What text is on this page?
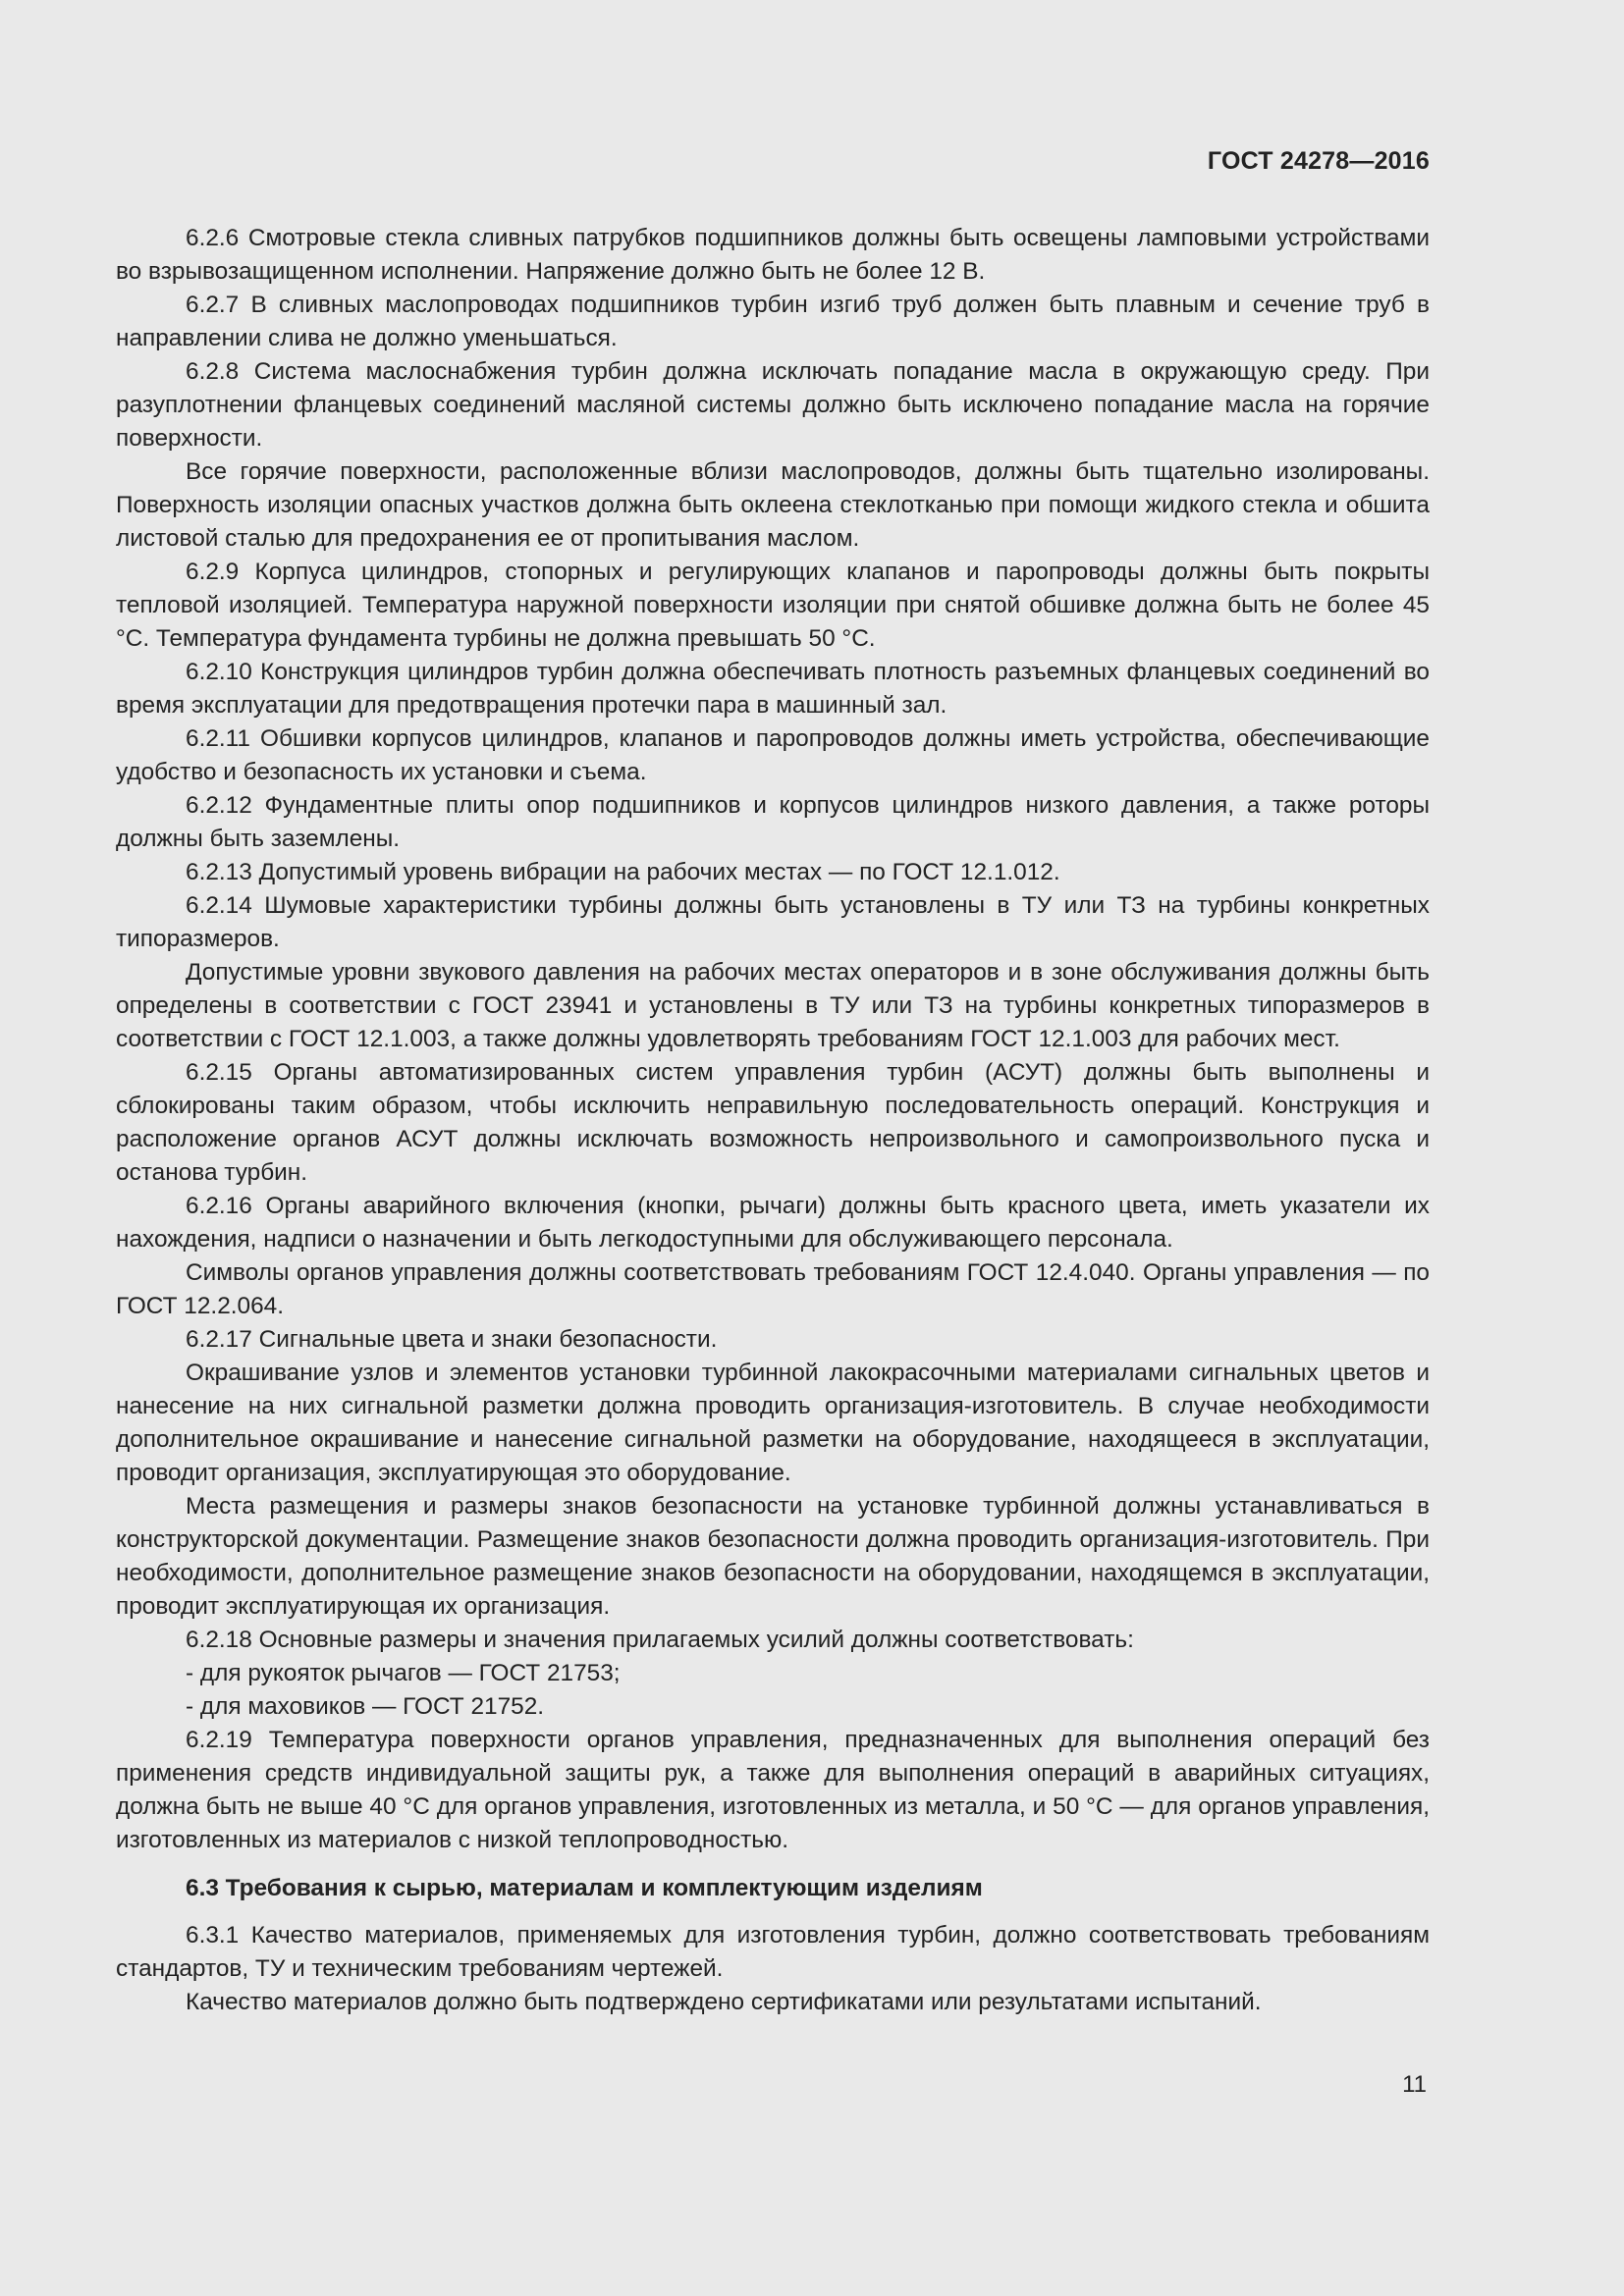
ГОСТ 24278—2016

6.2.6 Смотровые стекла сливных патрубков подшипников должны быть освещены ламповыми устройствами во взрывозащищенном исполнении. Напряжение должно быть не более 12 В.

6.2.7 В сливных маслопроводах подшипников турбин изгиб труб должен быть плавным и сечение труб в направлении слива не должно уменьшаться.

6.2.8 Система маслоснабжения турбин должна исключать попадание масла в окружающую среду. При разуплотнении фланцевых соединений масляной системы должно быть исключено попадание масла на горячие поверхности.

Все горячие поверхности, расположенные вблизи маслопроводов, должны быть тщательно изолированы. Поверхность изоляции опасных участков должна быть оклеена стеклотканью при помощи жидкого стекла и обшита листовой сталью для предохранения ее от пропитывания маслом.

6.2.9 Корпуса цилиндров, стопорных и регулирующих клапанов и паропроводы должны быть покрыты тепловой изоляцией. Температура наружной поверхности изоляции при снятой обшивке должна быть не более 45 °С. Температура фундамента турбины не должна превышать 50 °С.

6.2.10 Конструкция цилиндров турбин должна обеспечивать плотность разъемных фланцевых соединений во время эксплуатации для предотвращения протечки пара в машинный зал.

6.2.11 Обшивки корпусов цилиндров, клапанов и паропроводов должны иметь устройства, обеспечивающие удобство и безопасность их установки и съема.

6.2.12 Фундаментные плиты опор подшипников и корпусов цилиндров низкого давления, а также роторы должны быть заземлены.

6.2.13 Допустимый уровень вибрации на рабочих местах — по ГОСТ 12.1.012.

6.2.14 Шумовые характеристики турбины должны быть установлены в ТУ или ТЗ на турбины конкретных типоразмеров.

Допустимые уровни звукового давления на рабочих местах операторов и в зоне обслуживания должны быть определены в соответствии с ГОСТ 23941 и установлены в ТУ или ТЗ на турбины конкретных типоразмеров в соответствии с ГОСТ 12.1.003, а также должны удовлетворять требованиям ГОСТ 12.1.003 для рабочих мест.

6.2.15 Органы автоматизированных систем управления турбин (АСУТ) должны быть выполнены и сблокированы таким образом, чтобы исключить неправильную последовательность операций. Конструкция и расположение органов АСУТ должны исключать возможность непроизвольного и самопроизвольного пуска и останова турбин.

6.2.16 Органы аварийного включения (кнопки, рычаги) должны быть красного цвета, иметь указатели их нахождения, надписи о назначении и быть легкодоступными для обслуживающего персонала.

Символы органов управления должны соответствовать требованиям ГОСТ 12.4.040. Органы управления — по ГОСТ 12.2.064.

6.2.17 Сигнальные цвета и знаки безопасности.

Окрашивание узлов и элементов установки турбинной лакокрасочными материалами сигнальных цветов и нанесение на них сигнальной разметки должна проводить организация-изготовитель. В случае необходимости дополнительное окрашивание и нанесение сигнальной разметки на оборудование, находящееся в эксплуатации, проводит организация, эксплуатирующая это оборудование.

Места размещения и размеры знаков безопасности на установке турбинной должны устанавливаться в конструкторской документации. Размещение знаков безопасности должна проводить организация-изготовитель. При необходимости, дополнительное размещение знаков безопасности на оборудовании, находящемся в эксплуатации, проводит эксплуатирующая их организация.

6.2.18 Основные размеры и значения прилагаемых усилий должны соответствовать:

- для рукояток рычагов — ГОСТ 21753;

- для маховиков — ГОСТ 21752.

6.2.19 Температура поверхности органов управления, предназначенных для выполнения операций без применения средств индивидуальной защиты рук, а также для выполнения операций в аварийных ситуациях, должна быть не выше 40 °С для органов управления, изготовленных из металла, и 50 °С — для органов управления, изготовленных из материалов с низкой теплопроводностью.

6.3 Требования к сырью, материалам и комплектующим изделиям

6.3.1 Качество материалов, применяемых для изготовления турбин, должно соответствовать требованиям стандартов, ТУ и техническим требованиям чертежей.

Качество материалов должно быть подтверждено сертификатами или результатами испытаний.

11
